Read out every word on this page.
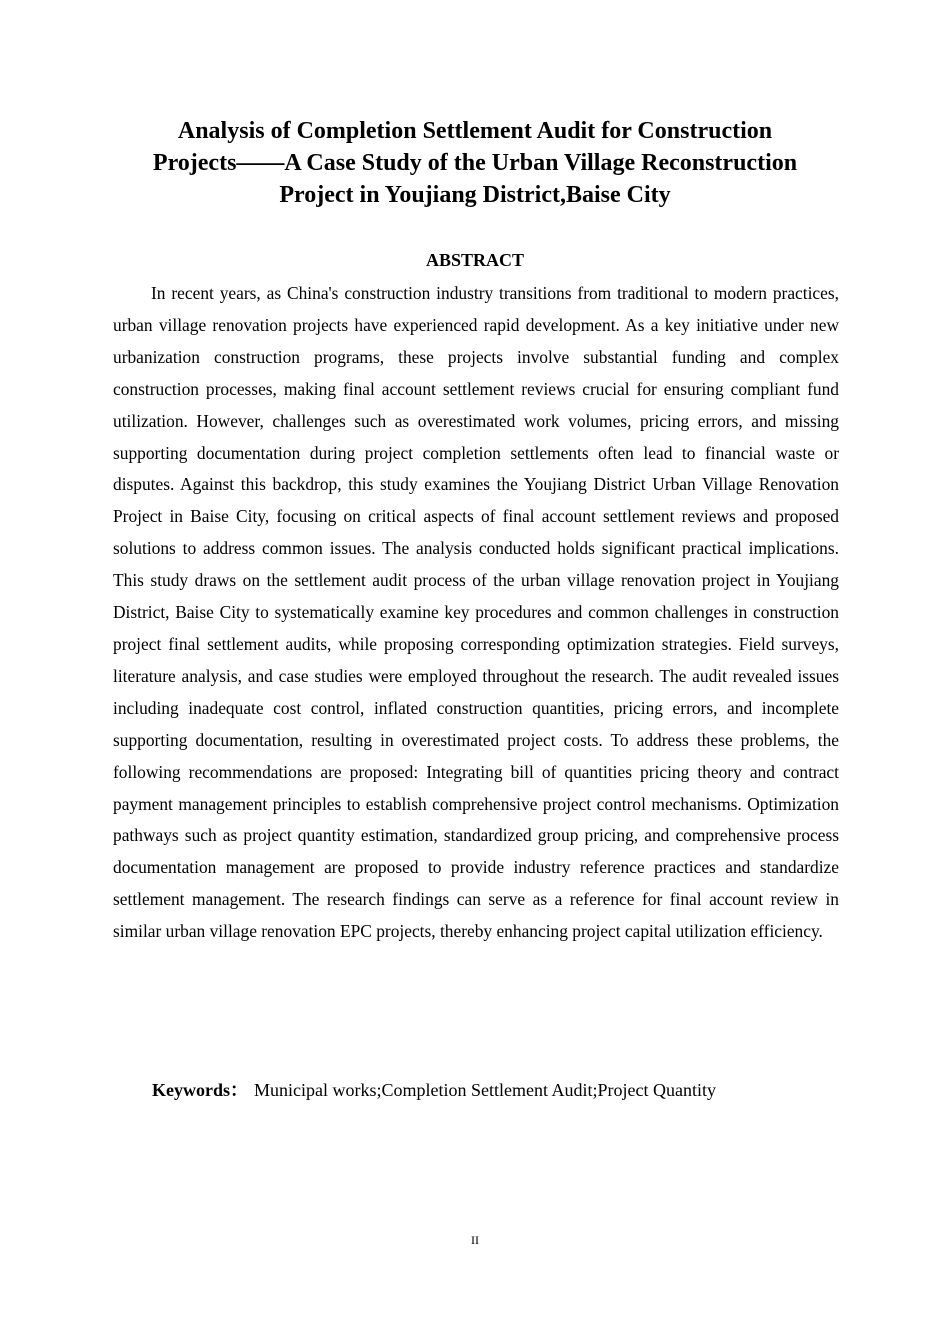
Analysis of Completion Settlement Audit for Construction
Projects——A Case Study of the Urban Village Reconstruction
Project in Youjiang District,Baise City
ABSTRACT

In recent years, as China's construction industry transitions from traditional to modern practices, urban village renovation projects have experienced rapid development. As a key initiative under new urbanization construction programs, these projects involve substantial funding and complex construction processes, making final account settlement reviews crucial for ensuring compliant fund utilization. However, challenges such as overestimated work volumes, pricing errors, and missing supporting documentation during project completion settlements often lead to financial waste or disputes. Against this backdrop, this study examines the Youjiang District Urban Village Renovation Project in Baise City, focusing on critical aspects of final account settlement reviews and proposed solutions to address common issues. The analysis conducted holds significant practical implications. This study draws on the settlement audit process of the urban village renovation project in Youjiang District, Baise City to systematically examine key procedures and common challenges in construction project final settlement audits, while proposing corresponding optimization strategies. Field surveys, literature analysis, and case studies were employed throughout the research. The audit revealed issues including inadequate cost control, inflated construction quantities, pricing errors, and incomplete supporting documentation, resulting in overestimated project costs. To address these problems, the following recommendations are proposed: Integrating bill of quantities pricing theory and contract payment management principles to establish comprehensive project control mechanisms. Optimization pathways such as project quantity estimation, standardized group pricing, and comprehensive process documentation management are proposed to provide industry reference practices and standardize settlement management. The research findings can serve as a reference for final account review in similar urban village renovation EPC projects, thereby enhancing project capital utilization efficiency.

Keywords： Municipal works;Completion Settlement Audit;Project Quantity

II
